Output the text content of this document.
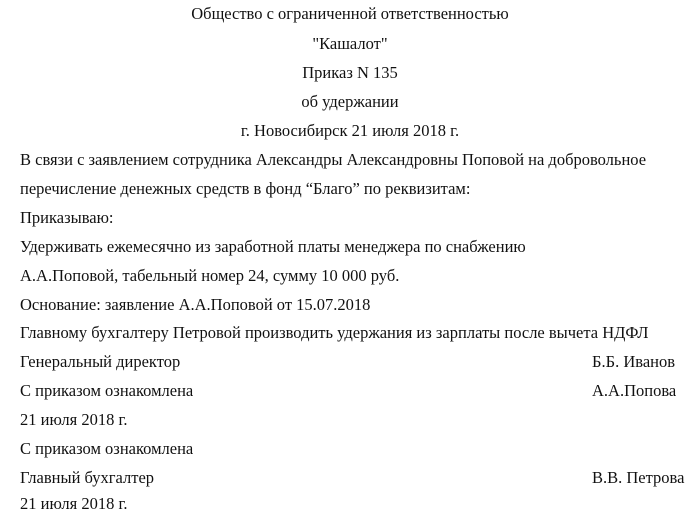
Общество с ограниченной ответственностью
"Кашалот"
Приказ N 135
об удержании
г. Новосибирск 21 июля 2018 г.
В связи с заявлением сотрудника Александры Александровны Поповой на добровольное
перечисление денежных средств в фонд “Благо” по реквизитам:
Приказываю:
Удерживать ежемесячно из заработной платы менеджера по снабжению
А.А.Поповой, табельный номер 24, сумму 10 000 руб.
Основание: заявление А.А.Поповой от 15.07.2018
Главному бухгалтеру Петровой производить удержания из зарплаты после вычета НДФЛ
Генеральный директор	Б.Б. Иванов
С приказом ознакомлена	А.А.Попова
21 июля 2018 г.
С приказом ознакомлена
Главный бухгалтер	В.В. Петрова
21 июля 2018 г.
